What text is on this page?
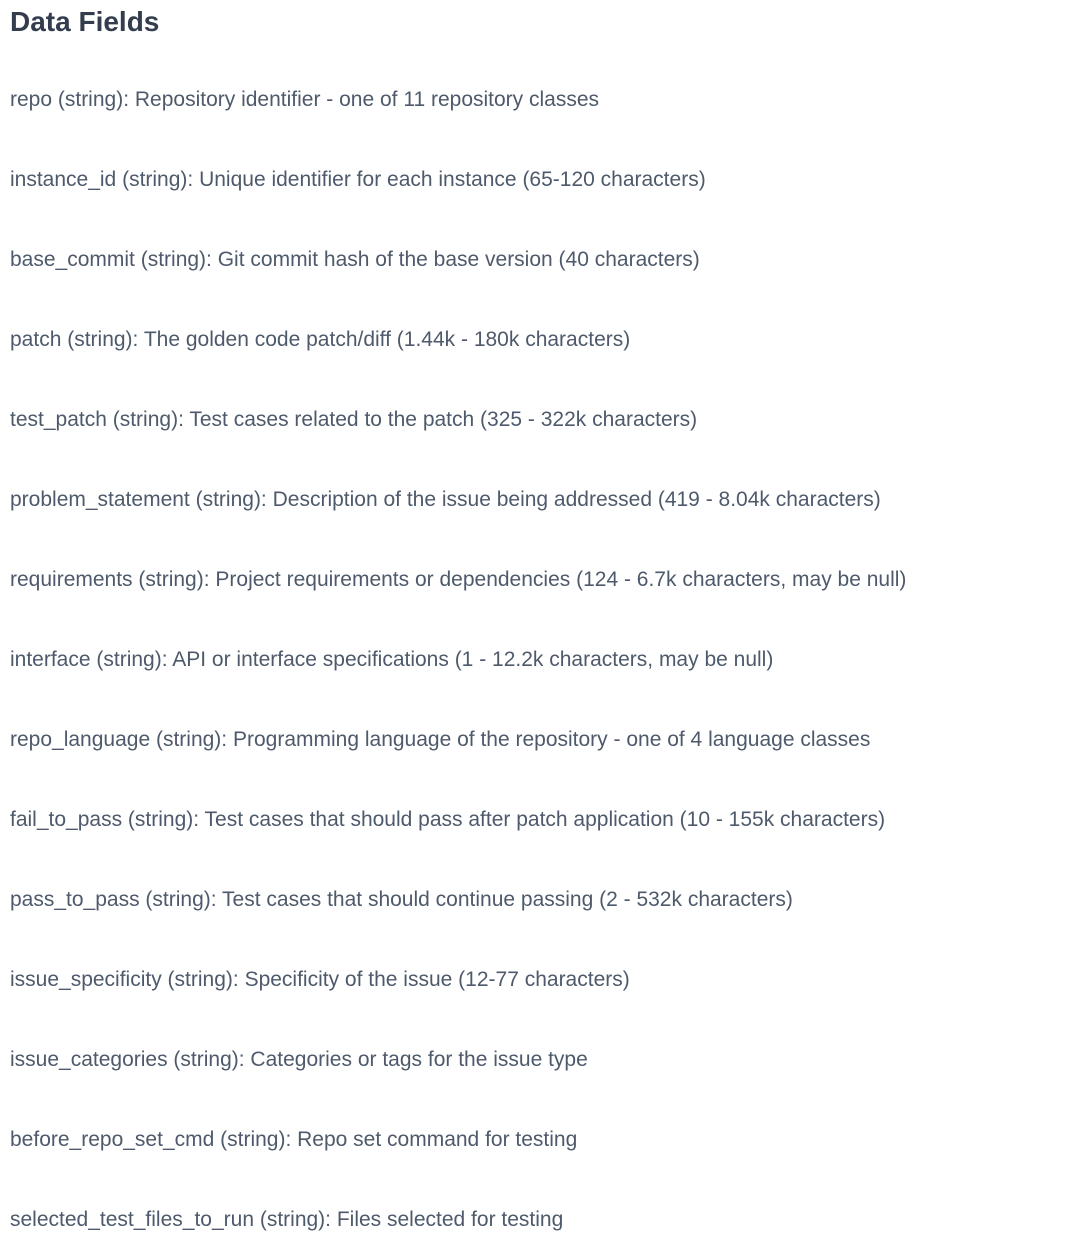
Data Fields

repo (string): Repository identifier - one of 11 repository classes

instance_id (string): Unique identifier for each instance (65-120 characters)

base_commit (string): Git commit hash of the base version (40 characters)

patch (string): The golden code patch/diff (1.44k - 180k characters)

test_patch (string): Test cases related to the patch (325 - 322k characters)

problem_statement (string): Description of the issue being addressed (419 - 8.04k characters)

requirements (string): Project requirements or dependencies (124 - 6.7k characters, may be null)

interface (string): API or interface specifications (1 - 12.2k characters, may be null)

repo_language (string): Programming language of the repository - one of 4 language classes

fail_to_pass (string): Test cases that should pass after patch application (10 - 155k characters)

pass_to_pass (string): Test cases that should continue passing (2 - 532k characters)

issue_specificity (string): Specificity of the issue (12-77 characters)

issue_categories (string): Categories or tags for the issue type

before_repo_set_cmd (string): Repo set command for testing

selected_test_files_to_run (string): Files selected for testing
